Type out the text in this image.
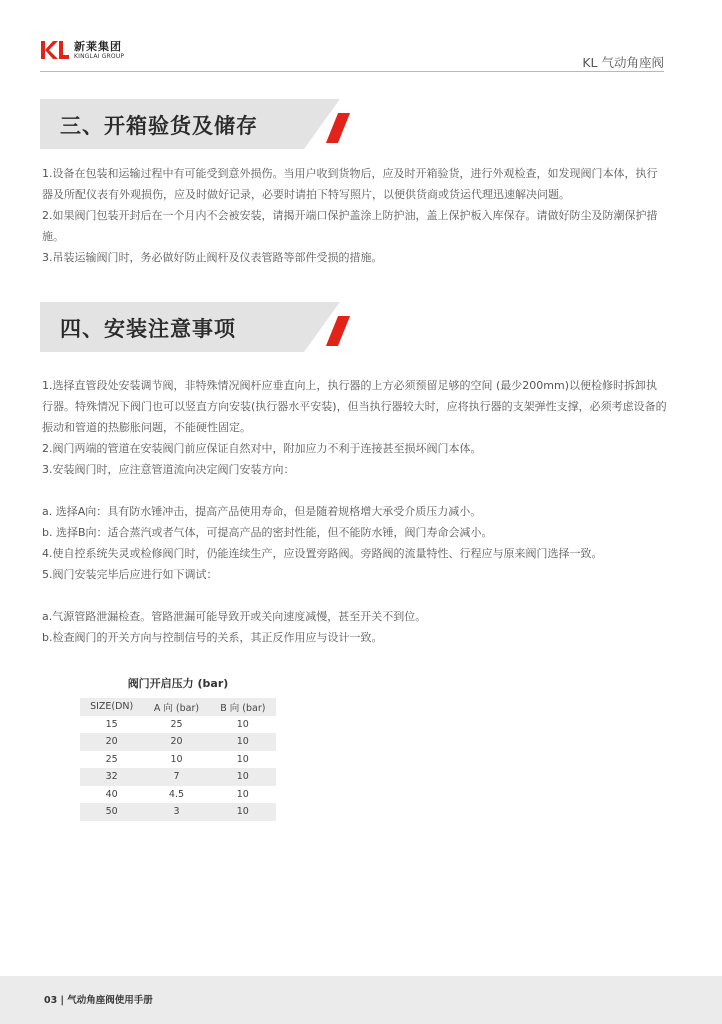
新莱集团
KINGLAI GROUP	KL 气动角座阀
三、开箱验货及储存

1.设备在包装和运输过程中有可能受到意外损伤。当用户收到货物后，应及时开箱验货，进行外观检查，如发现阀门本体，执行器及所配仪表有外观损伤，应及时做好记录，必要时请拍下特写照片，以便供货商或货运代理迅速解决问题。

2.如果阀门包装开封后在一个月内不会被安装，请揭开端口保护盖涂上防护油，盖上保护板入库保存。请做好防尘及防潮保护措施。

3.吊装运输阀门时，务必做好防止阀杆及仪表管路等部件受损的措施。

四、安装注意事项

1.选择直管段处安装调节阀，非特殊情况阀杆应垂直向上，执行器的上方必须预留足够的空间 (最少200mm)以便检修时拆卸执行器。特殊情况下阀门也可以竖直方向安装(执行器水平安装)，但当执行器较大时，应将执行器的支架弹性支撑，必须考虑设备的振动和管道的热膨胀问题，不能硬性固定。

2.阀门两端的管道在安装阀门前应保证自然对中，附加应力不利于连接甚至损坏阀门本体。

3.安装阀门时，应注意管道流向决定阀门安装方向：

a. 选择A向：具有防水锤冲击，提高产品使用寿命，但是随着规格增大承受介质压力减小。

b. 选择B向：适合蒸汽或者气体，可提高产品的密封性能，但不能防水锤，阀门寿命会减小。

4.使自控系统失灵或检修阀门时，仍能连续生产，应设置旁路阀。旁路阀的流量特性、行程应与原来阀门选择一致。

5.阀门安装完毕后应进行如下调试：

a.气源管路泄漏检查。管路泄漏可能导致开或关向速度减慢，甚至开关不到位。

b.检查阀门的开关方向与控制信号的关系，其正反作用应与设计一致。

阀门开启压力 (bar)
SIZE(DN)	A 向 (bar)	B 向 (bar)
15	25	10
20	20	10
25	10	10
32	7	10
40	4.5	10
50	3	10
03 | 气动角座阀使用手册
